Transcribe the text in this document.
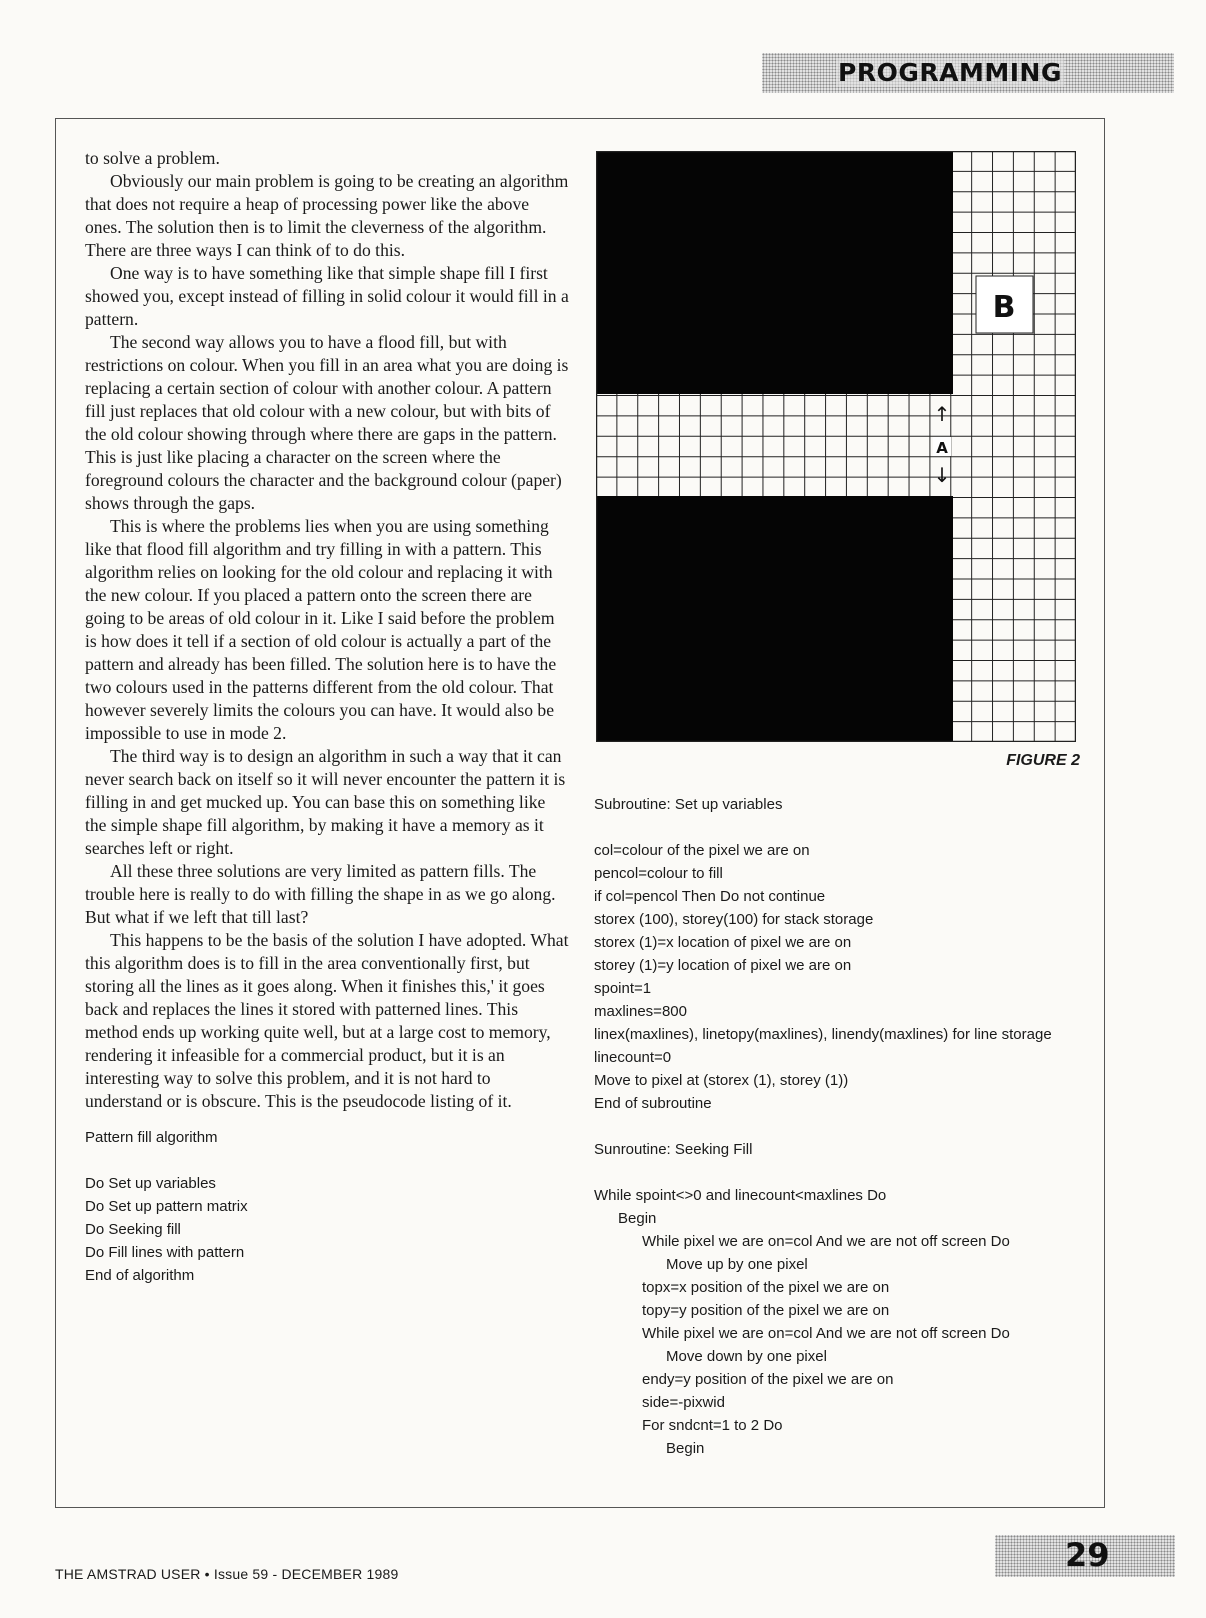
PROGRAMMING

to solve a problem.

Obviously our main problem is going to be creating an algorithm that does not require a heap of processing power like the above ones. The solution then is to limit the cleverness of the algorithm. There are three ways I can think of to do this.

One way is to have something like that simple shape fill I first showed you, except instead of filling in solid colour it would fill in a pattern.

The second way allows you to have a flood fill, but with restrictions on colour. When you fill in an area what you are doing is replacing a certain section of colour with another colour. A pattern fill just replaces that old colour with a new colour, but with bits of the old colour showing through where there are gaps in the pattern. This is just like placing a character on the screen where the foreground colours the character and the background colour (paper) shows through the gaps.

This is where the problems lies when you are using something like that flood fill algorithm and try filling in with a pattern. This algorithm relies on looking for the old colour and replacing it with the new colour. If you placed a pattern onto the screen there are going to be areas of old colour in it. Like I said before the problem is how does it tell if a section of old colour is actually a part of the pattern and already has been filled. The solution here is to have the two colours used in the patterns different from the old colour. That however severely limits the colours you can have. It would also be impossible to use in mode 2.

The third way is to design an algorithm in such a way that it can never search back on itself so it will never encounter the pattern it is filling in and get mucked up. You can base this on something like the simple shape fill algorithm, by making it have a memory as it searches left or right.

All these three solutions are very limited as pattern fills. The trouble here is really to do with filling the shape in as we go along. But what if we left that till last?

This happens to be the basis of the solution I have adopted. What this algorithm does is to fill in the area conventionally first, but storing all the lines as it goes along. When it finishes this,' it goes back and replaces the lines it stored with patterned lines. This method ends up working quite well, but at a large cost to memory, rendering it infeasible for a commercial product, but it is an interesting way to solve this problem, and it is not hard to understand or is obscure. This is the pseudocode listing of it.

Pattern fill algorithm

Do Set up variables
Do Set up pattern matrix
Do Seeking fill
Do Fill lines with pattern
End of algorithm
B
↑
A
↓
FIGURE 2
Subroutine: Set up variables
col=colour of the pixel we are on
pencol=colour to fill
if col=pencol Then Do not continue
storex (100), storey(100) for stack storage
storex (1)=x location of pixel we are on
storey (1)=y location of pixel we are on
spoint=1
maxlines=800
linex(maxlines), linetopy(maxlines), linendy(maxlines) for line storage
linecount=0
Move to pixel at (storex (1), storey (1))
End of subroutine
Sunroutine: Seeking Fill
While spoint<>0 and linecount<maxlines Do
Begin
While pixel we are on=col And we are not off screen Do
Move up by one pixel
topx=x position of the pixel we are on
topy=y position of the pixel we are on
While pixel we are on=col And we are not off screen Do
Move down by one pixel
endy=y position of the pixel we are on
side=-pixwid
For sndcnt=1 to 2 Do
Begin
THE AMSTRAD USER • Issue 59 - DECEMBER 1989	29
